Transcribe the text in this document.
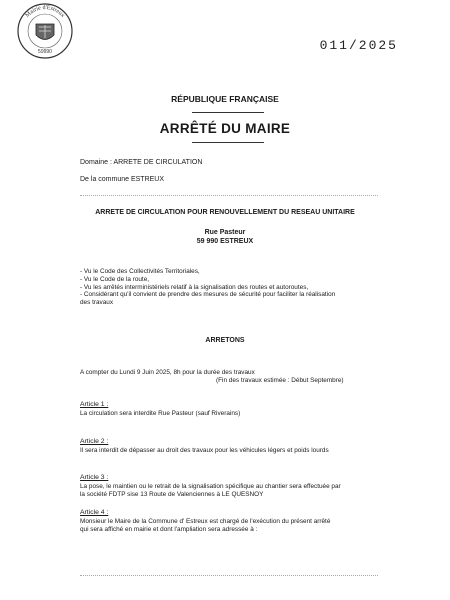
Mairie d'Estreux
59990	011/2025
RÉPUBLIQUE FRANÇAISE
ARRÊTÉ DU MAIRE
Domaine : ARRETE DE CIRCULATION
De la commune ESTREUX
ARRETE DE CIRCULATION POUR RENOUVELLEMENT DU RESEAU UNITAIRE
Rue Pasteur
59 990 ESTREUX
- Vu le Code des Collectivités Territoriales,
- Vu le Code de la route,
- Vu les arrêtés interministériels relatif à la signalisation des routes et autoroutes,
- Considérant qu'il convient de prendre des mesures de sécurité pour faciliter la réalisation
des travaux
ARRETONS
A compter du Lundi 9 Juin 2025, 8h pour la durée des travaux
(Fin des travaux estimée : Début Septembre)
Article 1 :
La circulation sera interdite Rue Pasteur (sauf Riverains)
Article 2 :
Il sera interdit de dépasser au droit des travaux pour les véhicules légers et poids lourds
Article 3 :
La pose, le maintien ou le retrait de la signalisation spécifique au chantier sera effectuée par
la société FDTP sise 13 Route de Valenciennes à LE QUESNOY
Article 4 :
Monsieur le Maire de la Commune d' Estreux est chargé de l'exécution du présent arrêté
qui sera affiché en mairie et dont l'ampliation sera adressée à :
